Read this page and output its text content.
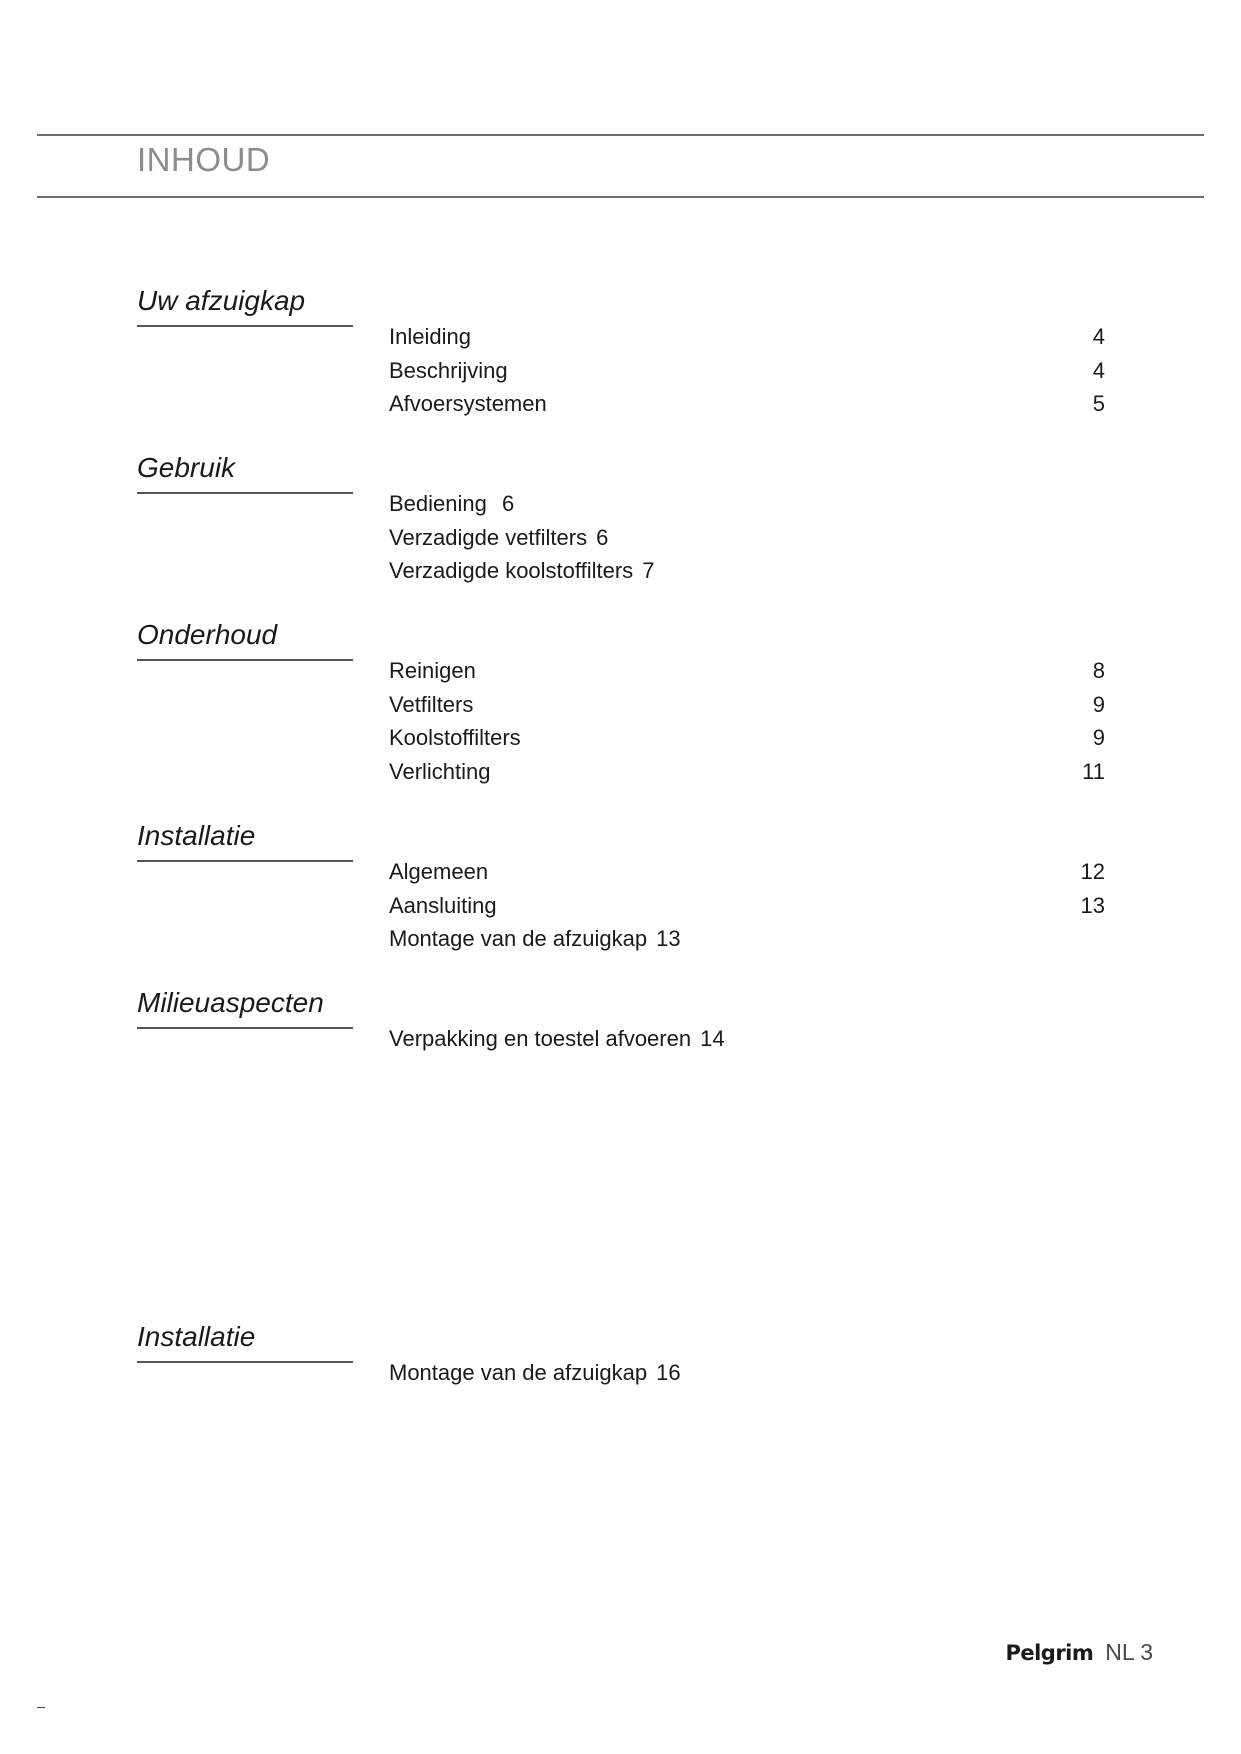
INHOUD
Uw afzuigkap
Inleiding	4
Beschrijving	4
Afvoersystemen	5
Gebruik
Bediening 6
Verzadigde vetfilters 6
Verzadigde koolstoffilters 7
Onderhoud
Reinigen	8
Vetfilters	9
Koolstoffilters	9
Verlichting	11
Installatie
Algemeen	12
Aansluiting	13
Montage van de afzuigkap 13
Milieuaspecten
Verpakking en toestel afvoeren 14
Installatie
Montage van de afzuigkap 16
Pelgrim NL 3
